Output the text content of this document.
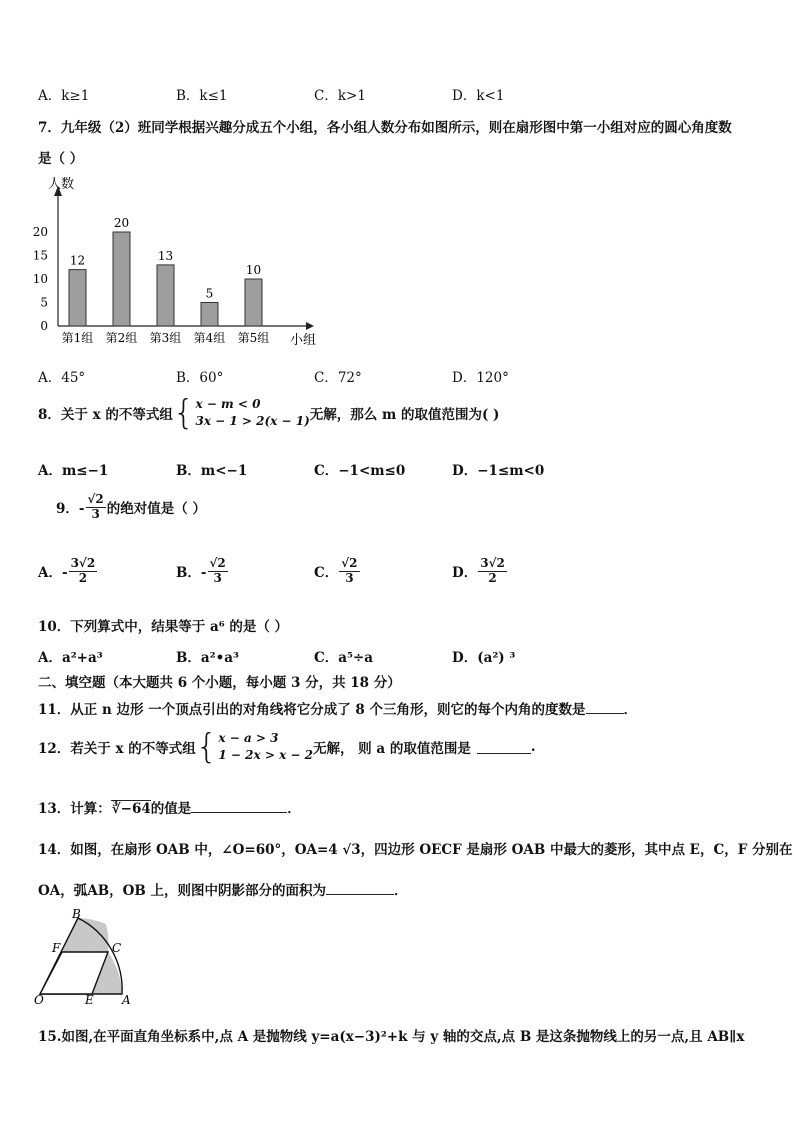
A．k≥1	B．k≤1	C．k>1	D．k<1
7．九年级（2）班同学根据兴趣分成五个小组，各小组人数分布如图所示，则在扇形图中第一小组对应的圆心角度数
是（ ）
人数
小组
0
5
10
15
20
12
第1组
20
第2组
13
第3组
5
第4组
10
第5组
A．45°	B．60°	C．72°	D．120°
8．关于 x 的不等式组 { x − m < 0
3x − 1 > 2(x − 1) 无解，那么 m 的取值范围为( )
A．m≤−1	B．m<−1	C．−1<m≤0	D．−1≤m<0
9．- $\frac{√2}{3}$ 的绝对值是（ ）
A．- $\frac{3√2}{2}$	B．- $\frac{√2}{3}$	C． $\frac{√2}{3}$	D． $\frac{3√2}{2}$
10．下列算式中，结果等于 a⁶ 的是（ ）
A．a²+a³	B．a²•a³	C．a⁵÷a	D．(a²) ³
二、填空题（本大题共 6 个小题，每小题 3 分，共 18 分）
11．从正 n 边形 一个顶点引出的对角线将它分成了 8 个三角形，则它的每个内角的度数是	．
12．若关于 x 的不等式组 { x − a > 3
1 − 2x > x − 2 无解， 则 a 的取值范围是	.
13．计算：∛−64的值是	．
14．如图，在扇形 OAB 中，∠O=60°，OA=4 √3，四边形 OECF 是扇形 OAB 中最大的菱形，其中点 E，C，F 分别在
OA，弧AB，OB 上，则图中阴影部分的面积为	．
O	A
B
C
E
F
15.如图,在平面直角坐标系中,点 A 是抛物线 y=a(x−3)²+k 与 y 轴的交点,点 B 是这条抛物线上的另一点,且 AB∥x
